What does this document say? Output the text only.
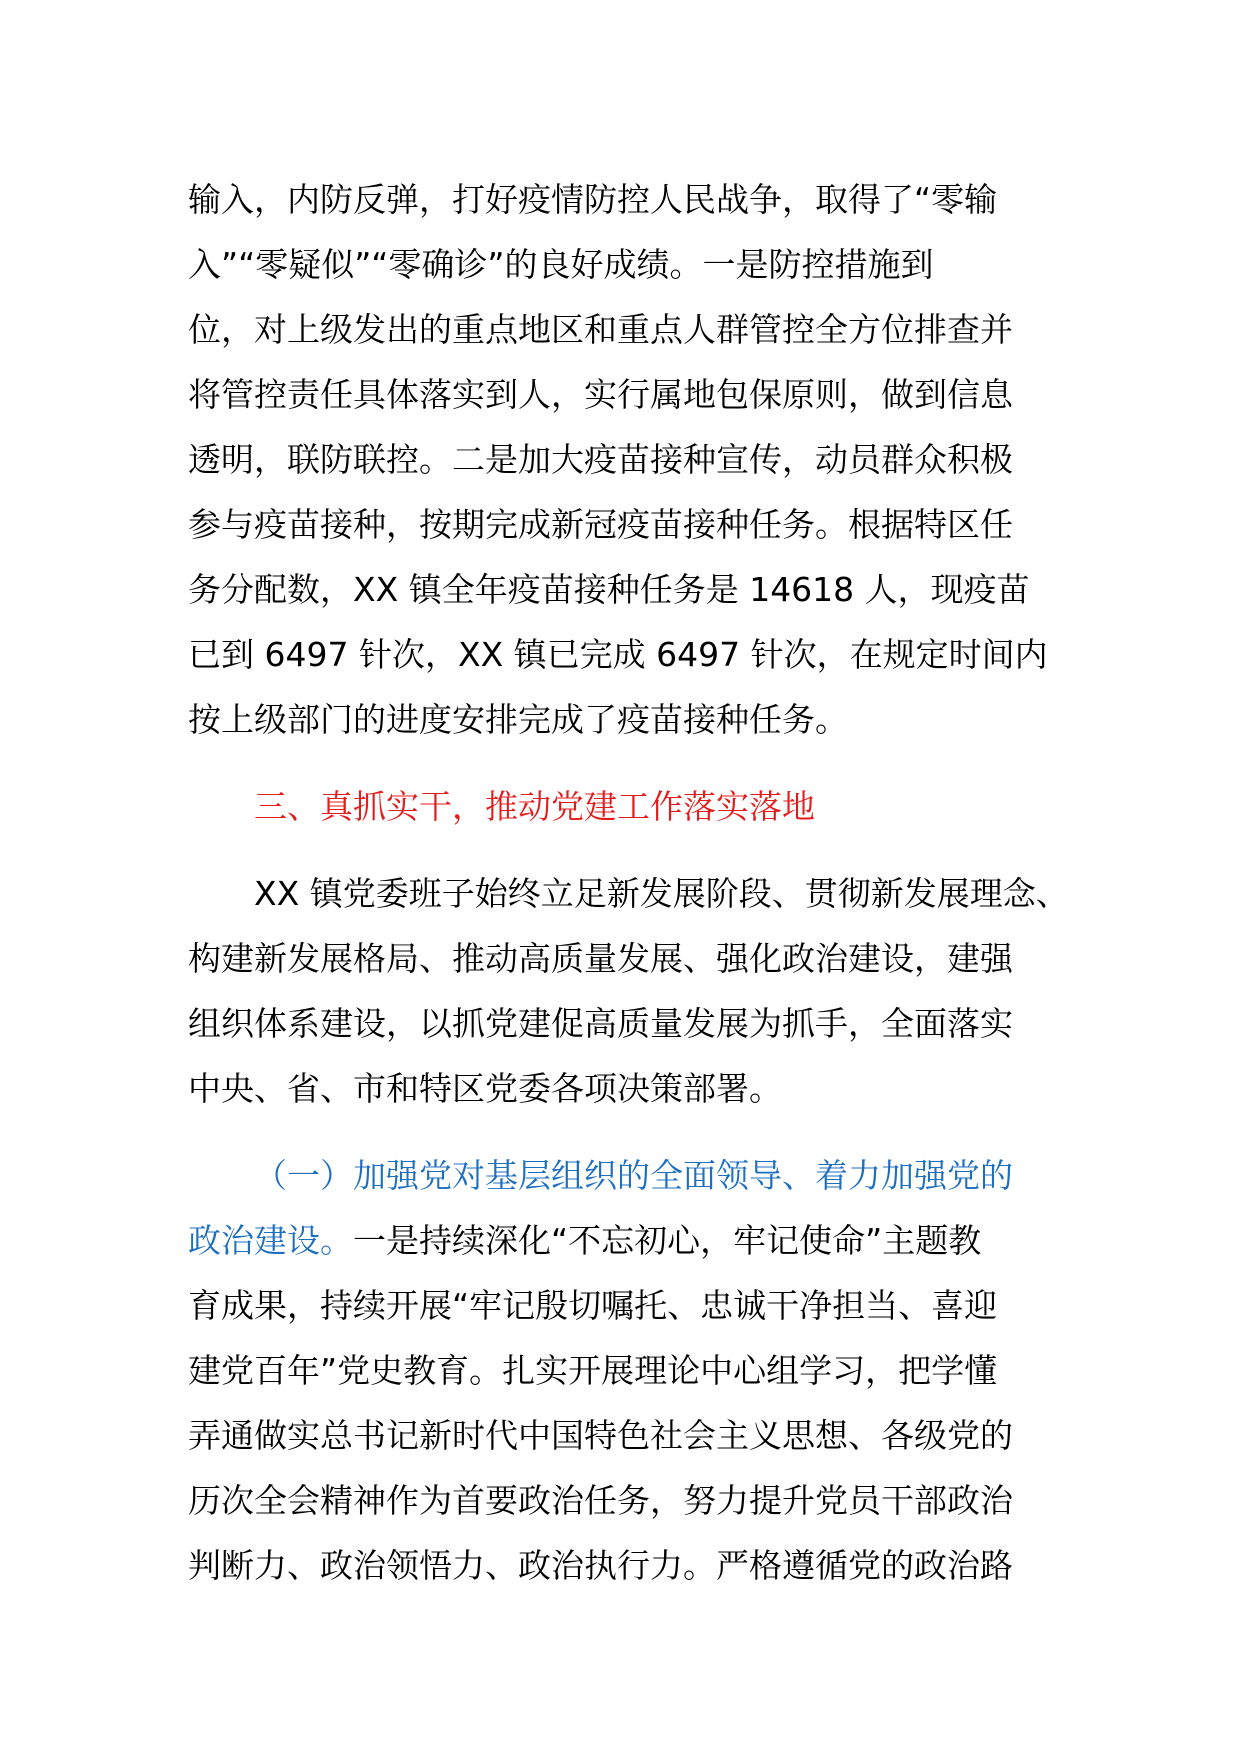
输入，内防反弹，打好疫情防控人民战争，取得了“零输
入”“零疑似”“零确诊”的良好成绩。一是防控措施到
位，对上级发出的重点地区和重点人群管控全方位排查并
将管控责任具体落实到人，实行属地包保原则，做到信息
透明，联防联控。二是加大疫苗接种宣传，动员群众积极
参与疫苗接种，按期完成新冠疫苗接种任务。根据特区任
务分配数，XX 镇全年疫苗接种任务是 14618 人，现疫苗
已到 6497 针次，XX 镇已完成 6497 针次，在规定时间内
按上级部门的进度安排完成了疫苗接种任务。
三、真抓实干，推动党建工作落实落地
XX 镇党委班子始终立足新发展阶段、贯彻新发展理念、
构建新发展格局、推动高质量发展、强化政治建设，建强
组织体系建设，以抓党建促高质量发展为抓手，全面落实
中央、省、市和特区党委各项决策部署。
（一）加强党对基层组织的全面领导、着力加强党的
政治建设。一是持续深化“不忘初心，牢记使命”主题教
育成果，持续开展“牢记殷切嘱托、忠诚干净担当、喜迎
建党百年”党史教育。扎实开展理论中心组学习，把学懂
弄通做实总书记新时代中国特色社会主义思想、各级党的
历次全会精神作为首要政治任务，努力提升党员干部政治
判断力、政治领悟力、政治执行力。严格遵循党的政治路
